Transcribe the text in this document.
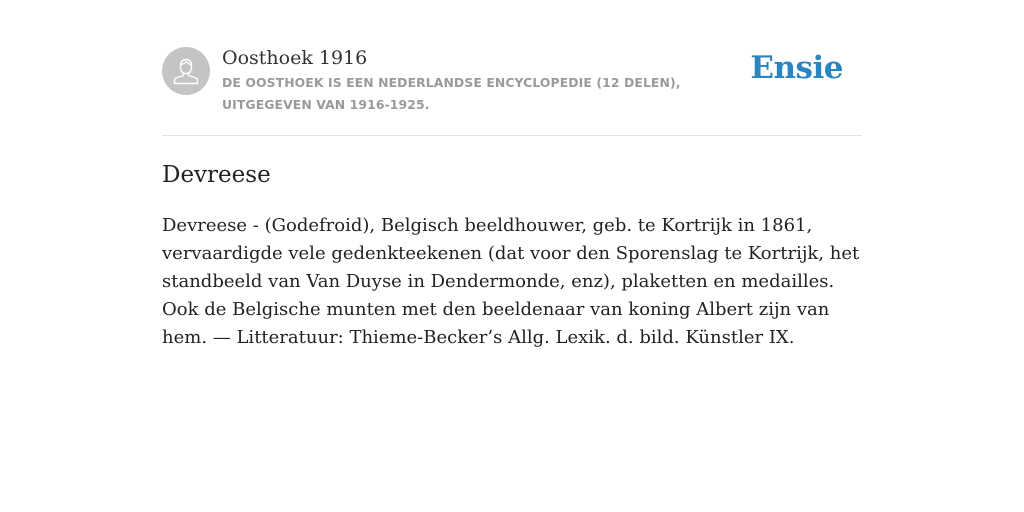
Oosthoek 1916

DE OOSTHOEK IS EEN NEDERLANDSE ENCYCLOPEDIE (12 DELEN), UITGEGEVEN VAN 1916-1925.

Ensie
Devreese

Devreese - (Godefroid), Belgisch beeldhouwer, geb. te Kortrijk in 1861, vervaardigde vele gedenkteekenen (dat voor den Sporenslag te Kortrijk, het standbeeld van Van Duyse in Dendermonde, enz), plaketten en medailles. Ook de Belgische munten met den beeldenaar van koning Albert zijn van hem. — Litteratuur: Thieme-Becker’s Allg. Lexik. d. bild. Künstler IX.
